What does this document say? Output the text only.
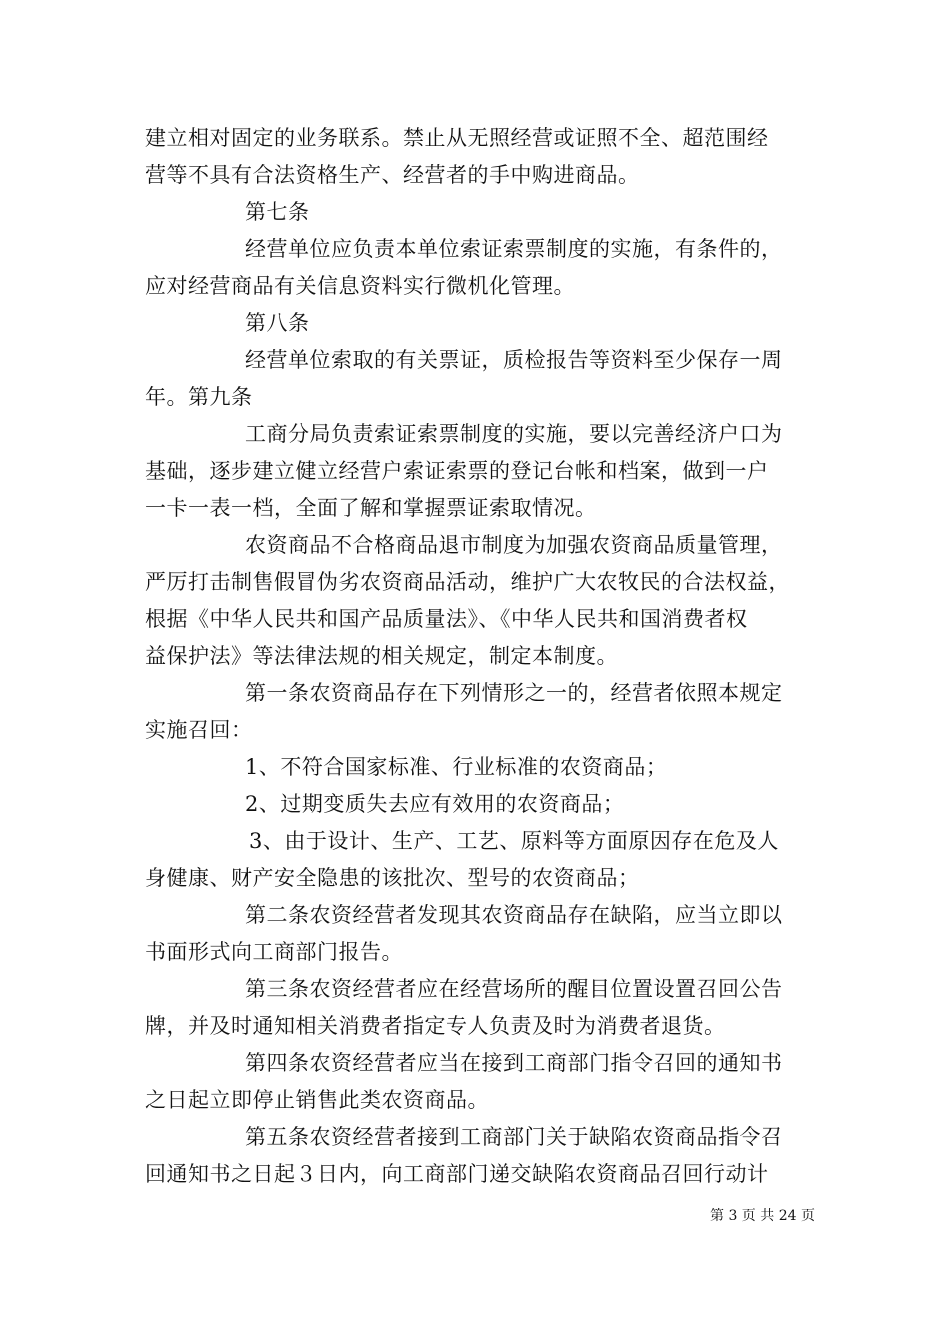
建立相对固定的业务联系。禁止从无照经营或证照不全、超范围经
营等不具有合法资格生产、经营者的手中购进商品。
第七条
经营单位应负责本单位索证索票制度的实施，有条件的，
应对经营商品有关信息资料实行微机化管理。
第八条
经营单位索取的有关票证，质检报告等资料至少保存一周
年。第九条
工商分局负责索证索票制度的实施，要以完善经济户口为
基础，逐步建立健立经营户索证索票的登记台帐和档案，做到一户
一卡一表一档，全面了解和掌握票证索取情况。
农资商品不合格商品退市制度为加强农资商品质量管理，
严厉打击制售假冒伪劣农资商品活动，维护广大农牧民的合法权益，
根据《中华人民共和国产品质量法》、《中华人民共和国消费者权
益保护法》等法律法规的相关规定，制定本制度。
第一条农资商品存在下列情形之一的，经营者依照本规定
实施召回：
1、不符合国家标准、行业标准的农资商品；
2、过期变质失去应有效用的农资商品；
3、由于设计、生产、工艺、原料等方面原因存在危及人
身健康、财产安全隐患的该批次、型号的农资商品；
第二条农资经营者发现其农资商品存在缺陷，应当立即以
书面形式向工商部门报告。
第三条农资经营者应在经营场所的醒目位置设置召回公告
牌，并及时通知相关消费者指定专人负责及时为消费者退货。
第四条农资经营者应当在接到工商部门指令召回的通知书
之日起立即停止销售此类农资商品。
第五条农资经营者接到工商部门关于缺陷农资商品指令召
回通知书之日起３日内，向工商部门递交缺陷农资商品召回行动计
第 3 页 共 24 页
